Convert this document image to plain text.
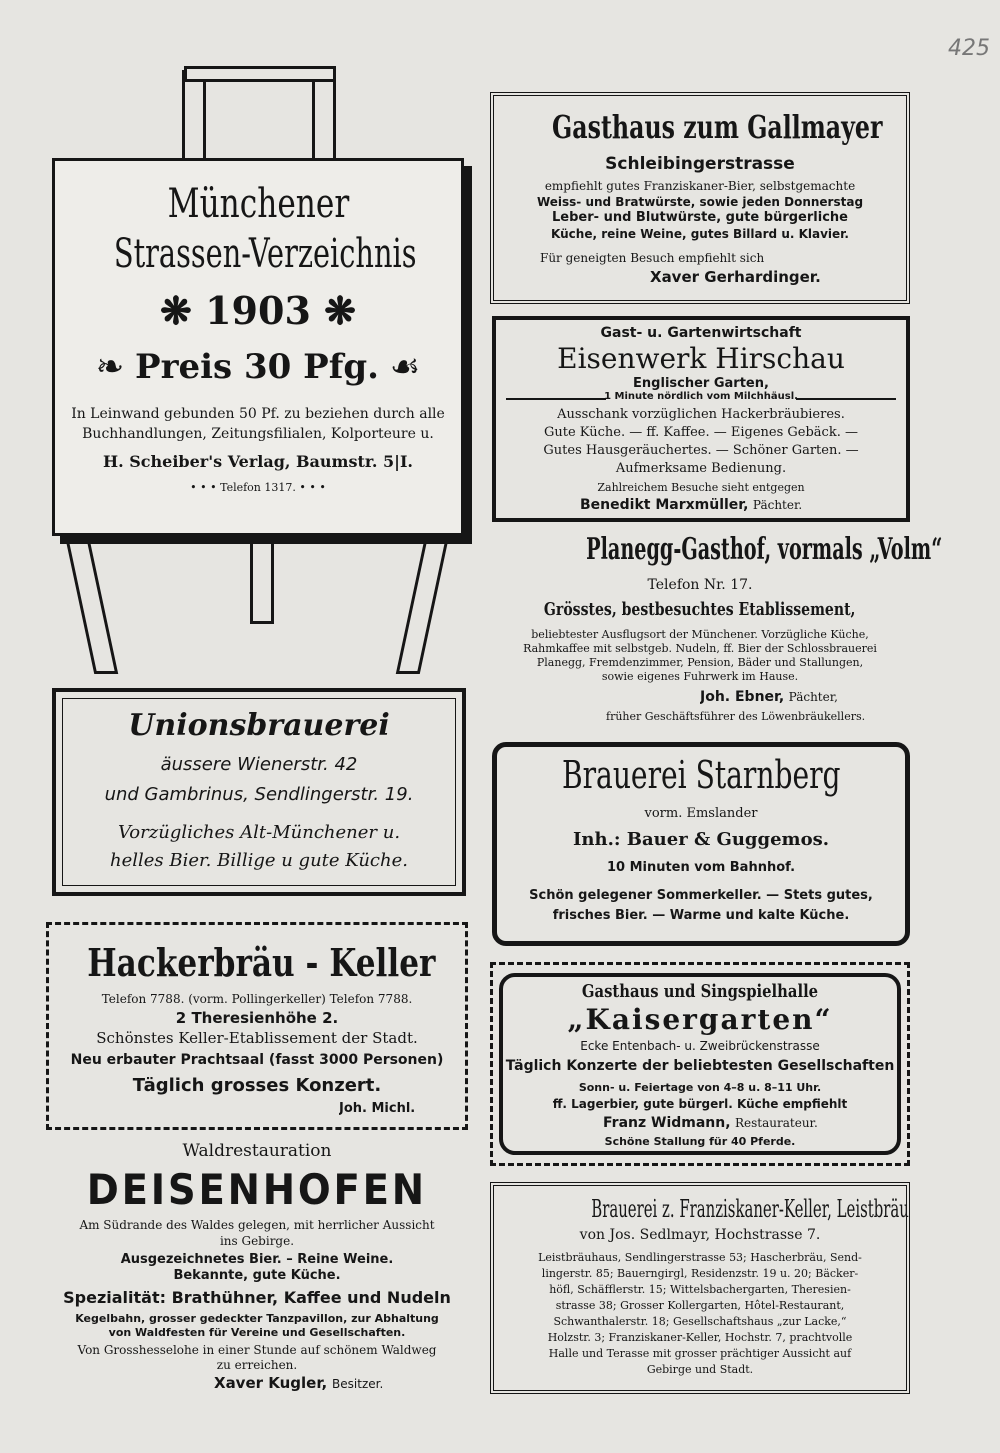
425
Münchener
Strassen-Verzeichnis
❋ 1903 ❋
❧ Preis 30 Pfg. ☙
In Leinwand gebunden 50 Pf. zu beziehen durch alle
Buchhandlungen, Zeitungsfilialen, Kolporteure u.
H. Scheiber's Verlag, Baumstr. 5|I.
• • • Telefon 1317. • • •
Unionsbrauerei
äussere Wienerstr. 42
und Gambrinus, Sendlingerstr. 19.
Vorzügliches Alt-Münchener u.
helles Bier. Billige u gute Küche.
Hackerbräu - Keller
Telefon 7788. (vorm. Pollingerkeller) Telefon 7788.
2 Theresienhöhe 2.
Schönstes Keller-Etablissement der Stadt.
Neu erbauter Prachtsaal (fasst 3000 Personen)
Täglich grosses Konzert.
Joh. Michl.
Waldrestauration
DEISENHOFEN
Am Südrande des Waldes gelegen, mit herrlicher Aussicht
ins Gebirge.
Ausgezeichnetes Bier. – Reine Weine.
Bekannte, gute Küche.
Spezialität: Brathühner, Kaffee und Nudeln
Kegelbahn, grosser gedeckter Tanzpavillon, zur Abhaltung
von Waldfesten für Vereine und Gesellschaften.
Von Grosshesselohe in einer Stunde auf schönem Waldweg
zu erreichen.
Xaver Kugler, Besitzer.
Gasthaus zum Gallmayer
Schleibingerstrasse
empfiehlt gutes Franziskaner-Bier, selbstgemachte
Weiss- und Bratwürste, sowie jeden Donnerstag
Leber- und Blutwürste, gute bürgerliche
Küche, reine Weine, gutes Billard u. Klavier.
Für geneigten Besuch empfiehlt sich
Xaver Gerhardinger.
Gast- u. Gartenwirtschaft
Eisenwerk Hirschau
Englischer Garten,
1 Minute nördlich vom Milchhäusl.
Ausschank vorzüglichen Hackerbräubieres.
Gute Küche. — ff. Kaffee. — Eigenes Gebäck. —
Gutes Hausgeräuchertes. — Schöner Garten. —
Aufmerksame Bedienung.
Zahlreichem Besuche sieht entgegen
Benedikt Marxmüller, Pächter.
Planegg-Gasthof, vormals „Volm“
Telefon Nr. 17.
Grösstes, bestbesuchtes Etablissement,
beliebtester Ausflugsort der Münchener. Vorzügliche Küche,
Rahmkaffee mit selbstgeb. Nudeln, ff. Bier der Schlossbrauerei
Planegg, Fremdenzimmer, Pension, Bäder und Stallungen,
sowie eigenes Fuhrwerk im Hause.
Joh. Ebner, Pächter,
früher Geschäftsführer des Löwenbräukellers.
Brauerei Starnberg
vorm. Emslander
Inh.: Bauer & Guggemos.
10 Minuten vom Bahnhof.
Schön gelegener Sommerkeller. — Stets gutes,
frisches Bier. — Warme und kalte Küche.
Gasthaus und Singspielhalle
„Kaisergarten“
Ecke Entenbach- u. Zweibrückenstrasse
Täglich Konzerte der beliebtesten Gesellschaften
Sonn- u. Feiertage von 4–8 u. 8–11 Uhr.
ff. Lagerbier, gute bürgerl. Küche empfiehlt
Franz Widmann, Restaurateur.
Schöne Stallung für 40 Pferde.
Brauerei z. Franziskaner-Keller, Leistbräu
von Jos. Sedlmayr, Hochstrasse 7.
Leistbräuhaus, Sendlingerstrasse 53; Hascherbräu, Send-
lingerstr. 85; Bauerngirgl, Residenzstr. 19 u. 20; Bäcker-
höfl, Schäfflerstr. 15; Wittelsbachergarten, Theresien-
strasse 38; Grosser Kollergarten, Hôtel-Restaurant,
Schwanthalerstr. 18; Gesellschaftshaus „zur Lacke,“
Holzstr. 3; Franziskaner-Keller, Hochstr. 7, prachtvolle
Halle und Terasse mit grosser prächtiger Aussicht auf
Gebirge und Stadt.
